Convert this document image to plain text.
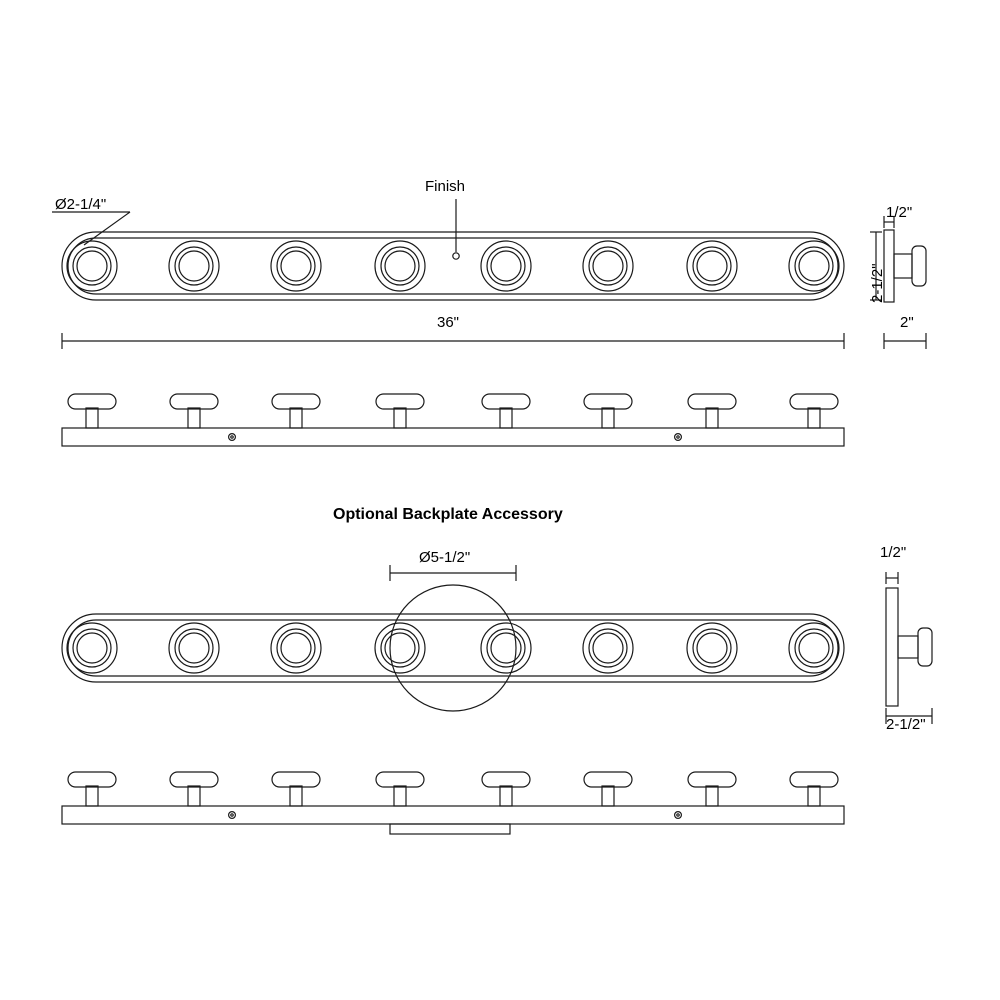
Finish
Ø2-1/4"
36"
2-1/2"
1/2"
2"
Optional Backplate Accessory
Ø5-1/2"	1/2"
2-1/2"
